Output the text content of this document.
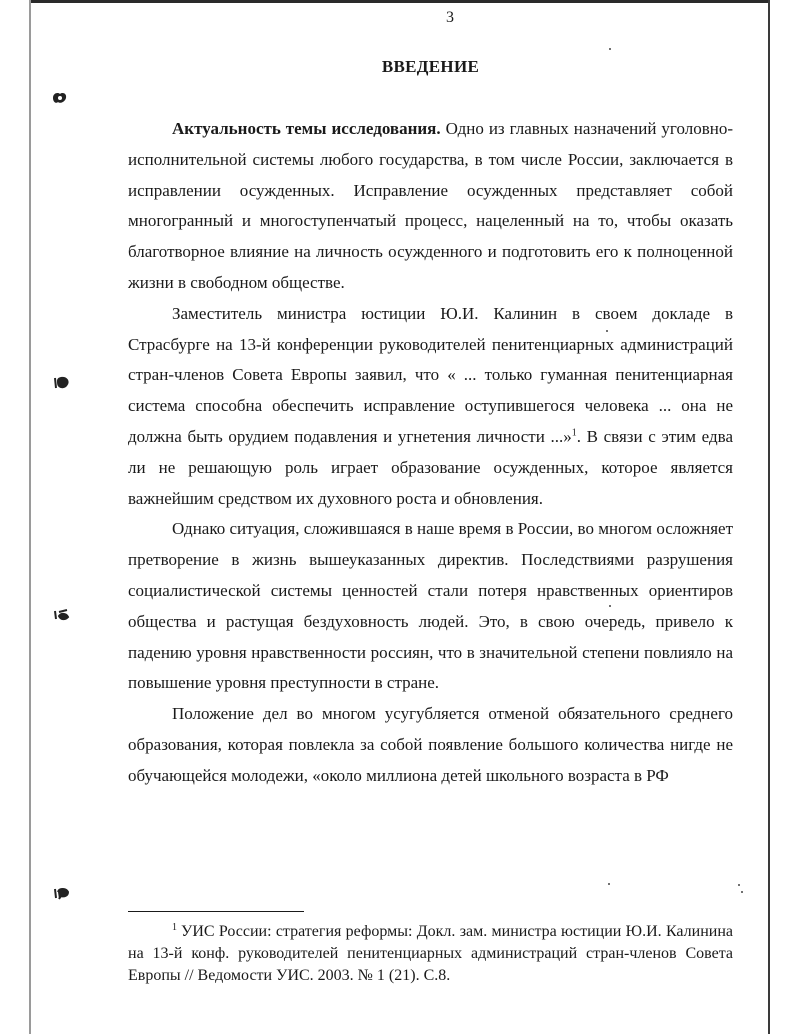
3
ВВЕДЕНИЕ

Актуальность темы исследования. Одно из главных назначений уголовно-исполнительной системы любого государства, в том числе России, заключается в исправлении осужденных. Исправление осужденных представляет собой многогранный и многоступенчатый процесс, нацеленный на то, чтобы оказать благотворное влияние на личность осужденного и подготовить его к полноценной жизни в свободном обществе.

Заместитель министра юстиции Ю.И. Калинин в своем докладе в Страсбурге на 13-й конференции руководителей пенитенциарных администраций стран-членов Совета Европы заявил, что « ... только гуманная пенитенциарная система способна обеспечить исправление оступившегося человека ... она не должна быть орудием подавления и угнетения личности ...»$^1$. В связи с этим едва ли не решающую роль играет образование осужденных, которое является важнейшим средством их духовного роста и обновления.

Однако ситуация, сложившаяся в наше время в России, во многом осложняет претворение в жизнь вышеуказанных директив. Последствиями разрушения социалистической системы ценностей стали потеря нравственных ориентиров общества и растущая бездуховность людей. Это, в свою очередь, привело к падению уровня нравственности россиян, что в значительной степени повлияло на повышение уровня преступности в стране.

Положение дел во многом усугубляется отменой обязательного среднего образования, которая повлекла за собой появление большого количества нигде не обучающейся молодежи, «около миллиона детей школьного возраста в РФ

$^1$ УИС России: стратегия реформы: Докл. зам. министра юстиции Ю.И. Калинина на 13-й конф. руководителей пенитенциарных администраций стран-членов Совета Европы // Ведомости УИС. 2003. № 1 (21). С.8.
